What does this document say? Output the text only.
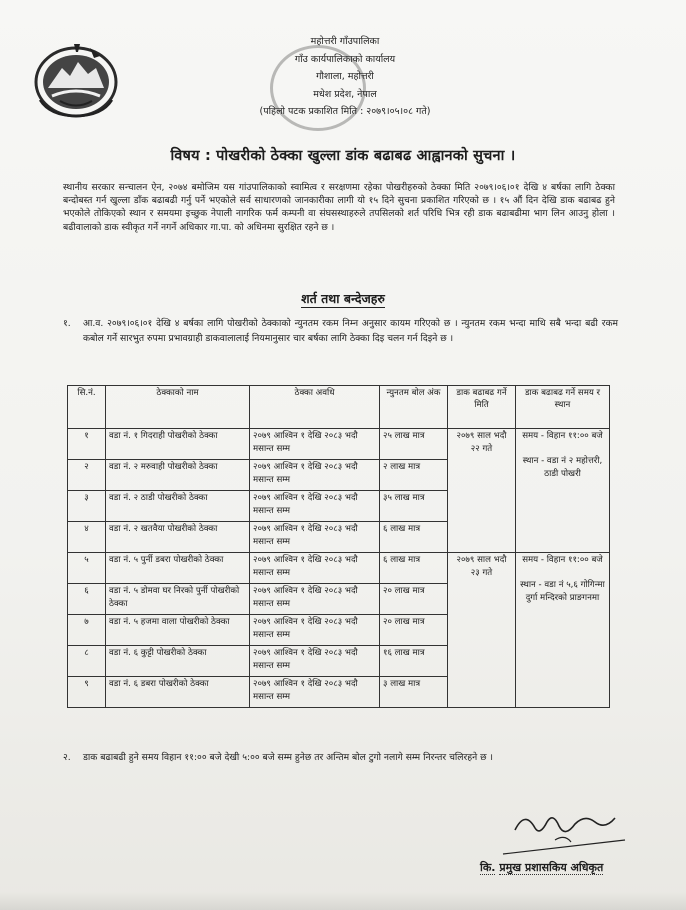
महोत्तरी गाँउपालिका
गाँउ कार्यपालिकाको कार्यालय
गौशाला, महोत्तरी
मधेश प्रदेश, नेपाल
(पहिलो पटक प्रकाशित मिति : २०७९।०५।०८ गते)
विषय : पोखरीको ठेक्का खुल्ला डांक बढाबढ आह्वानको सुचना ।
स्थानीय सरकार सन्चालन ऐन, २०७४ बमोजिम यस गांउपालिकाको स्वामित्व र सरक्षणमा रहेका पोखरीहरुको ठेक्का मिति २०७९।०६।०१ देखि ४ बर्षका लागि ठेक्का बन्दोबस्त गर्न खुल्ला डाँक बढाबढी गर्नु पर्ने भएकोले सर्व साधारणको जानकारीका लागी यो १५ दिने सुचना प्रकाशित गरिएको छ । १५ औं दिन देखि डाक बढाबढ हुने भएकोले तोकिएको स्थान र समयमा इच्छुक नेपाली नागरिक फर्म कम्पनी वा संघसस्थाहरुले तपसिलको शर्त परिधि भित्र रही डाक बढाबढीमा भाग लिन आउनु होला । बढीवालाको डाक स्वीकृत गर्ने नगर्ने अधिकार गा.पा. को अधिनमा सुरक्षित रहने छ ।
शर्त तथा बन्देजहरु
१. आ.व. २०७९।०६।०१ देखि ४ बर्षका लागि पोखरीको ठेक्काको न्युनतम रकम निम्न अनुसार कायम गरिएको छ । न्युनतम रकम भन्दा माथि सबै भन्दा बढी रकम कबोल गर्ने सारभुत रुपमा प्रभावग्राही डाकवालालाई नियमानुसार चार बर्षका लागि ठेक्का दिइ चलन गर्न दिइने छ ।
सि.नं.	ठेक्काको नाम	ठेक्का अवधि	न्युनतम बोल अंक	डाक बढाबढ गर्ने मिति	डाक बढाबढ गर्ने समय र स्थान
१	वडा नं. १ गिदराही पोखरीको ठेक्का	२०७९ आश्विन १ देखि २०८३ भदौ मसान्त सम्म	२५ लाख मात्र	२०७९ साल भदौ २२ गते	समय - विहान ११:०० बजे
स्थान - वडा नं २ महोत्तरी, ठाडी पोखरी
२	वडा नं. २ मरुवाही पोखरीको ठेक्का	२०७९ आश्विन १ देखि २०८३ भदौ मसान्त सम्म	२ लाख मात्र		
३	वडा नं. २ ठाडी पोखरीको ठेक्का	२०७९ आश्विन १ देखि २०८३ भदौ मसान्त सम्म	३५ लाख मात्र		
४	वडा नं. २ खतवैया पोखरीको ठेक्का	२०७९ आश्विन १ देखि २०८३ भदौ मसान्त सम्म	६ लाख मात्र		
५	वडा नं. ५ पुर्नी डबरा पोखरीको ठेक्का	२०७९ आश्विन १ देखि २०८३ भदौ मसान्त सम्म	६ लाख मात्र	२०७९ साल भदौ २३ गते	समय - विहान ११:०० बजे
स्थान - वडा नं ५,६ गोगिन्मा दुर्गा मन्दिरको प्राङगनमा
६	वडा नं. ५ डोमवा घर निरको पुर्नी पोखरीको ठेक्का	२०७९ आश्विन १ देखि २०८३ भदौ मसान्त सम्म	२० लाख मात्र		
७	वडा नं. ५ हजमा वाला पोखरीको ठेक्का	२०७९ आश्विन १ देखि २०८३ भदौ मसान्त सम्म	२० लाख मात्र		
८	वडा नं. ६ कुट्टी पोखरीको ठेक्का	२०७९ आश्विन १ देखि २०८३ भदौ मसान्त सम्म	१६ लाख मात्र		
९	वडा नं. ६ डबरा पोखरीको ठेक्का	२०७९ आश्विन १ देखि २०८३ भदौ मसान्त सम्म	३ लाख मात्र		
२. डाक बढाबढी हुने समय विहान ११:०० बजे देखी ५:०० बजे सम्म हुनेछ तर अन्तिम बोल टुगो नलागे सम्म निरन्तर चलिरहने छ ।
कि. प्रमुख प्रशासकिय अधिकृत
